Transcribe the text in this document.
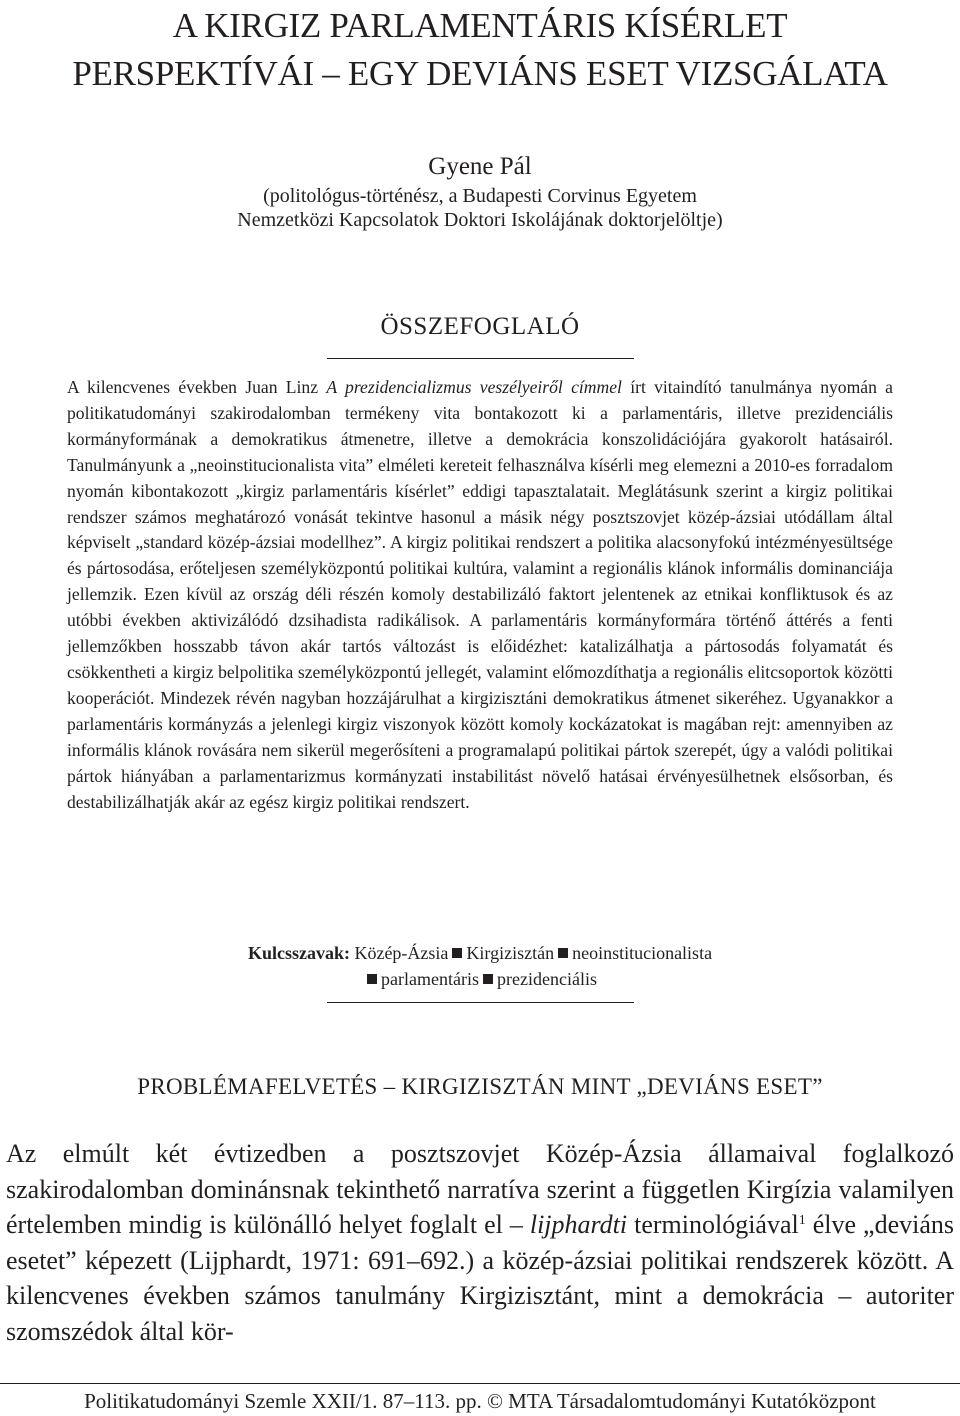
A KIRGIZ PARLAMENTÁRIS KÍSÉRLET
PERSPEKTÍVÁI – EGY DEVIÁNS ESET VIZSGÁLATA
Gyene Pál
(politológus-történész, a Budapesti Corvinus Egyetem
Nemzetközi Kapcsolatok Doktori Iskolájának doktorjelöltje)
ÖSSZEFOGLALÓ

A kilencvenes években Juan Linz A prezidencializmus veszélyeiről címmel írt vitaindító tanulmánya nyomán a politikatudományi szakirodalomban termékeny vita bontakozott ki a parlamentáris, illetve prezidenciális kormányformának a demokratikus átmenetre, illetve a demokrácia konszolidációjára gyakorolt hatásairól. Tanulmányunk a „neoinstitucionalista vita” elméleti kereteit felhasználva kísérli meg elemezni a 2010-es forradalom nyomán kibontakozott „kirgiz parlamentáris kísérlet” eddigi tapasztalatait. Meglátásunk szerint a kirgiz politikai rendszer számos meghatározó vonását tekintve hasonul a másik négy posztszovjet közép-ázsiai utódállam által képviselt „standard közép-ázsiai modellhez”. A kirgiz politikai rendszert a politika alacsonyfokú intézményesültsége és pártosodása, erőteljesen személyközpontú politikai kultúra, valamint a regionális klánok informális dominanciája jellemzik. Ezen kívül az ország déli részén komoly destabilizáló faktort jelentenek az etnikai konfliktusok és az utóbbi években aktivizálódó dzsihadista radikálisok. A parlamentáris kormányformára történő áttérés a fenti jellemzőkben hosszabb távon akár tartós változást is előidézhet: katalizálhatja a pártosodás folyamatát és csökkentheti a kirgiz belpolitika személyközpontú jellegét, valamint előmozdíthatja a regionális elitcsoportok közötti kooperációt. Mindezek révén nagyban hozzájárulhat a kirgizisztáni demokratikus átmenet sikeréhez. Ugyanakkor a parlamentáris kormányzás a jelenlegi kirgiz viszonyok között komoly kockázatokat is magában rejt: amennyiben az informális klánok rovására nem sikerül megerősíteni a programalapú politikai pártok szerepét, úgy a valódi politikai pártok hiányában a parlamentarizmus kormányzati instabilitást növelő hatásai érvényesülhetnek elsősorban, és destabilizálhatják akár az egész kirgiz politikai rendszert.

Kulcsszavak: Közép-Ázsia Kirgizisztán neoinstitucionalista
parlamentáris prezidenciális
PROBLÉMAFELVETÉS – KIRGIZISZTÁN MINT „DEVIÁNS ESET”

Az elmúlt két évtizedben a posztszovjet Közép-Ázsia államaival foglalkozó szakirodalomban dominánsnak tekinthető narratíva szerint a független Kirgízia valamilyen értelemben mindig is különálló helyet foglalt el – lijphardti terminológiával$^1$ élve „deviáns esetet” képezett (Lijphardt, 1971: 691–692.) a közép-ázsiai politikai rendszerek között. A kilencvenes években számos tanulmány Kirgizisztánt, mint a demokrácia – autoriter szomszédok által kör-

Politikatudományi Szemle XXII/1. 87–113. pp. © MTA Társadalomtudományi Kutatóközpont
